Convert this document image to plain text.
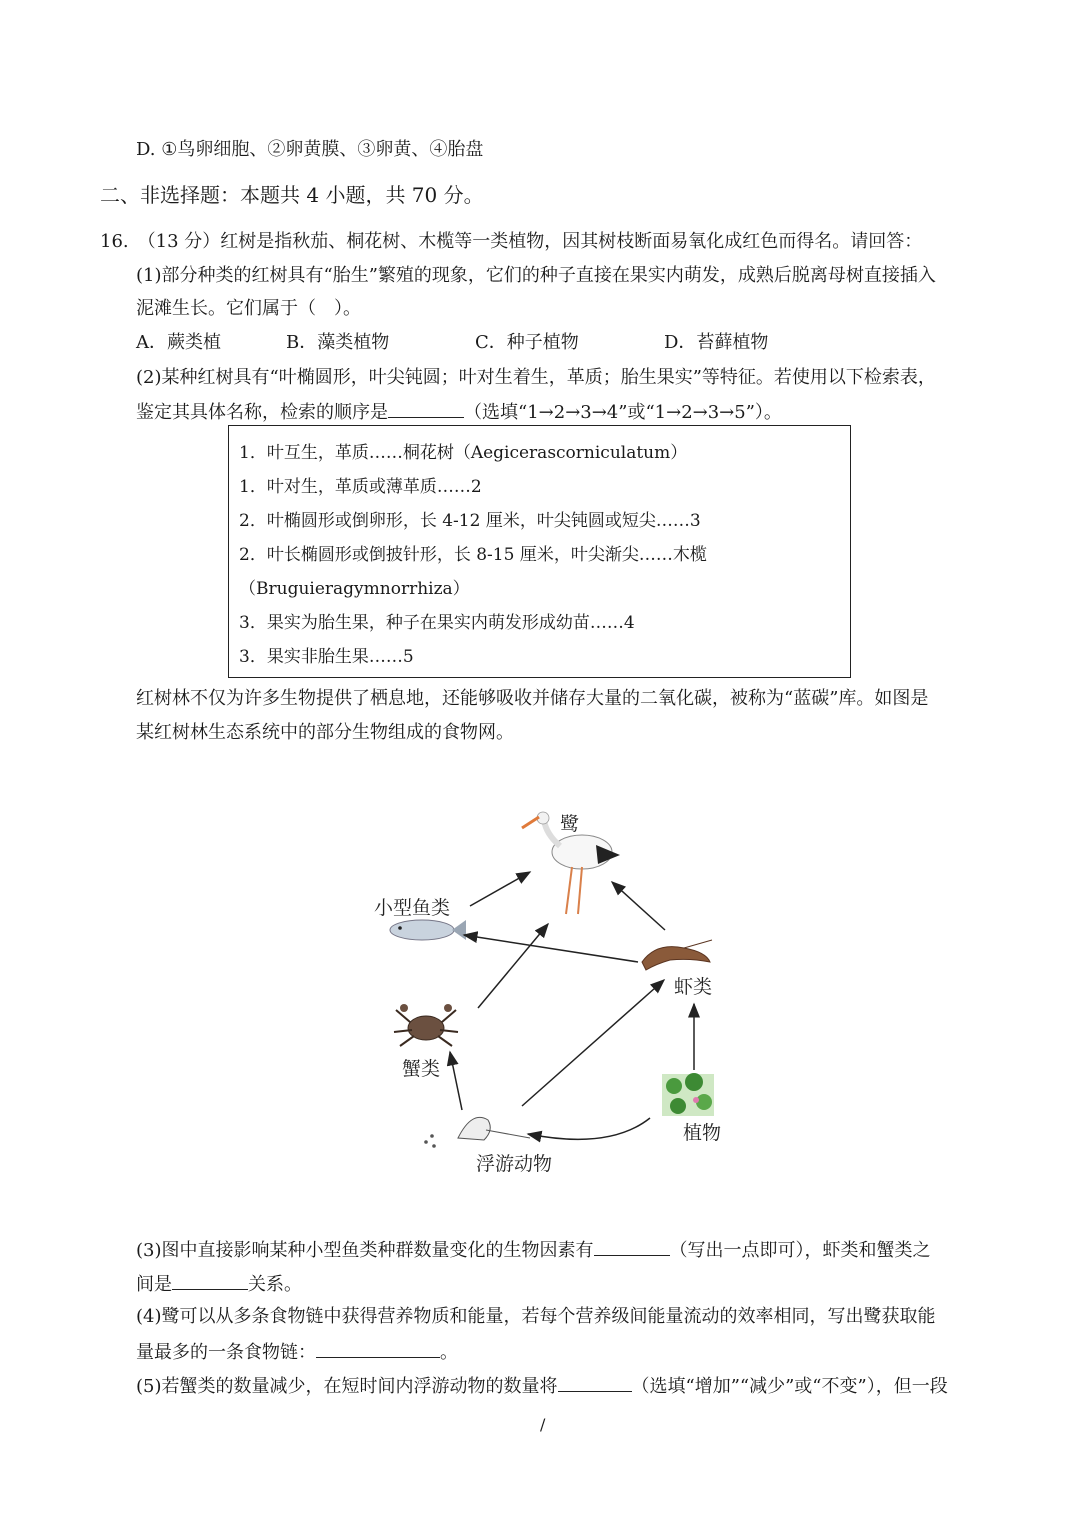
D. ①鸟卵细胞、②卵黄膜、③卵黄、④胎盘
二、非选择题：本题共 4 小题，共 70 分。
16.　（13 分）红树是指秋茄、桐花树、木榄等一类植物，因其树枝断面易氧化成红色而得名。请回答：
(1)部分种类的红树具有“胎生”繁殖的现象，它们的种子直接在果实内萌发，成熟后脱离母树直接插入
泥滩生长。它们属于（　）。
A．蕨类植	B．藻类植物	C．种子植物	D．苔藓植物
(2)某种红树具有“叶椭圆形，叶尖钝圆；叶对生着生，革质；胎生果实”等特征。若使用以下检索表，
鉴定其具体名称，检索的顺序是	（选填“1→2→3→4”或“1→2→3→5”）。
1．叶互生，革质……桐花树（Aegicerascorniculatum）
1．叶对生，革质或薄革质……2
2．叶椭圆形或倒卵形，长 4-12 厘米，叶尖钝圆或短尖……3
2．叶长椭圆形或倒披针形，长 8-15 厘米，叶尖渐尖……木榄
（Bruguieragymnorrhiza）
3．果实为胎生果，种子在果实内萌发形成幼苗……4
3．果实非胎生果……5
红树林不仅为许多生物提供了栖息地，还能够吸收并储存大量的二氧化碳，被称为“蓝碳”库。如图是
某红树林生态系统中的部分生物组成的食物网。
鹭
小型鱼类
虾类
蟹类
植物
浮游动物
(3)图中直接影响某种小型鱼类种群数量变化的生物因素有	（写出一点即可），虾类和蟹类之
间是	关系。
(4)鹭可以从多条食物链中获得营养物质和能量，若每个营养级间能量流动的效率相同，写出鹭获取能
量最多的一条食物链：	。
(5)若蟹类的数量减少，在短时间内浮游动物的数量将	（选填“增加”“减少”或“不变”），但一段
/
